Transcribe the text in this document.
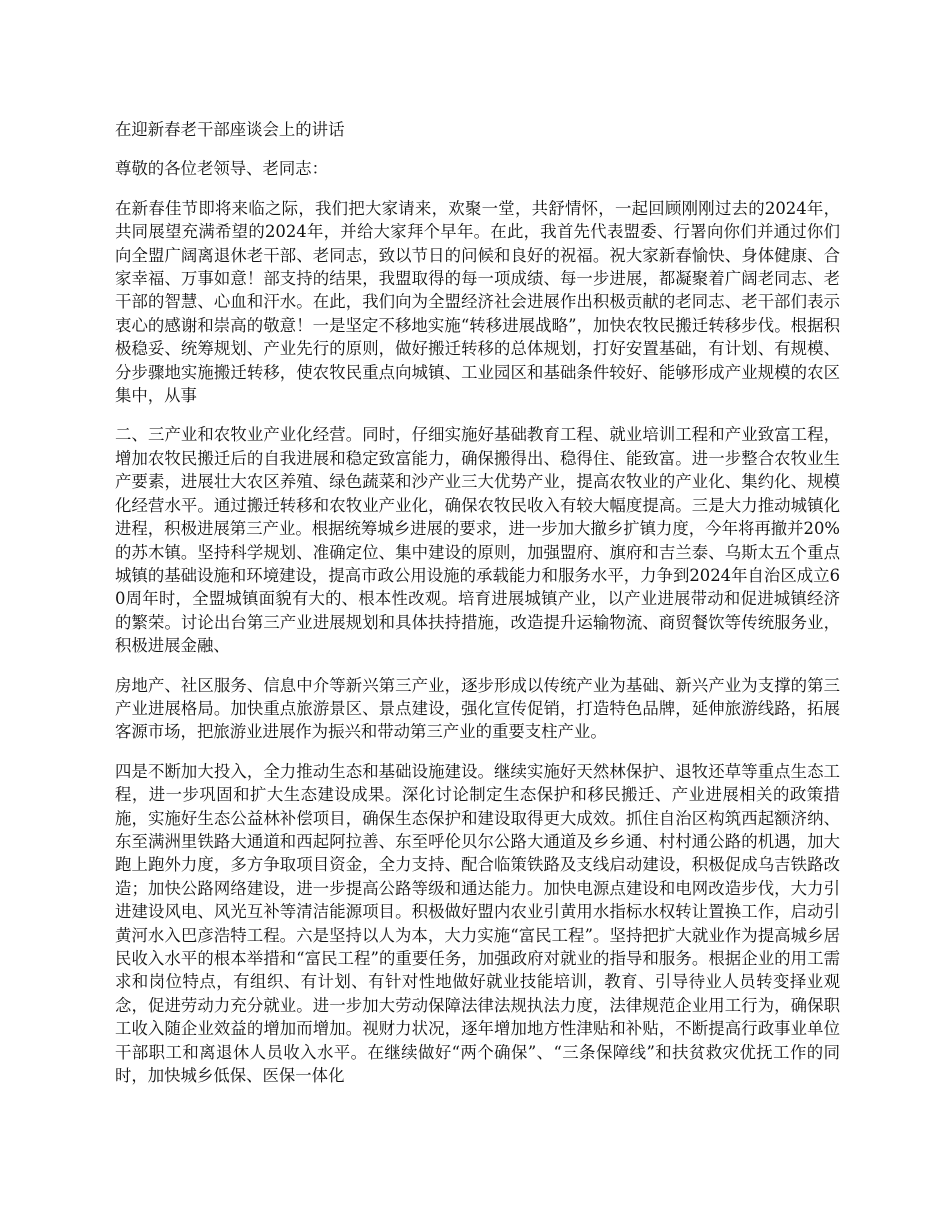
在迎新春老干部座谈会上的讲话
尊敬的各位老领导、老同志：
在新春佳节即将来临之际，我们把大家请来，欢聚一堂，共舒情怀，一起回顾刚刚过去的2024年，共同展望充满希望的2024年，并给大家拜个早年。在此，我首先代表盟委、行署向你们并通过你们向全盟广阔离退休老干部、老同志，致以节日的问候和良好的祝福。祝大家新春愉快、身体健康、合家幸福、万事如意！部支持的结果，我盟取得的每一项成绩、每一步进展，都凝聚着广阔老同志、老干部的智慧、心血和汗水。在此，我们向为全盟经济社会进展作出积极贡献的老同志、老干部们表示衷心的感谢和崇高的敬意！一是坚定不移地实施“转移进展战略”，加快农牧民搬迁转移步伐。根据积极稳妥、统筹规划、产业先行的原则，做好搬迁转移的总体规划，打好安置基础，有计划、有规模、分步骤地实施搬迁转移，使农牧民重点向城镇、工业园区和基础条件较好、能够形成产业规模的农区集中，从事
二、三产业和农牧业产业化经营。同时，仔细实施好基础教育工程、就业培训工程和产业致富工程，增加农牧民搬迁后的自我进展和稳定致富能力，确保搬得出、稳得住、能致富。进一步整合农牧业生产要素，进展壮大农区养殖、绿色蔬菜和沙产业三大优势产业，提高农牧业的产业化、集约化、规模化经营水平。通过搬迁转移和农牧业产业化，确保农牧民收入有较大幅度提高。三是大力推动城镇化进程，积极进展第三产业。根据统筹城乡进展的要求，进一步加大撤乡扩镇力度，今年将再撤并20%的苏木镇。坚持科学规划、准确定位、集中建设的原则，加强盟府、旗府和吉兰泰、乌斯太五个重点城镇的基础设施和环境建设，提高市政公用设施的承载能力和服务水平，力争到2024年自治区成立60周年时，全盟城镇面貌有大的、根本性改观。培育进展城镇产业，以产业进展带动和促进城镇经济的繁荣。讨论出台第三产业进展规划和具体扶持措施，改造提升运输物流、商贸餐饮等传统服务业，积极进展金融、
房地产、社区服务、信息中介等新兴第三产业，逐步形成以传统产业为基础、新兴产业为支撑的第三产业进展格局。加快重点旅游景区、景点建设，强化宣传促销，打造特色品牌，延伸旅游线路，拓展客源市场，把旅游业进展作为振兴和带动第三产业的重要支柱产业。
四是不断加大投入，全力推动生态和基础设施建设。继续实施好天然林保护、退牧还草等重点生态工程，进一步巩固和扩大生态建设成果。深化讨论制定生态保护和移民搬迁、产业进展相关的政策措施，实施好生态公益林补偿项目，确保生态保护和建设取得更大成效。抓住自治区构筑西起额济纳、东至满洲里铁路大通道和西起阿拉善、东至呼伦贝尔公路大通道及乡乡通、村村通公路的机遇，加大跑上跑外力度，多方争取项目资金，全力支持、配合临策铁路及支线启动建设，积极促成乌吉铁路改造；加快公路网络建设，进一步提高公路等级和通达能力。加快电源点建设和电网改造步伐，大力引进建设风电、风光互补等清洁能源项目。积极做好盟内农业引黄用水指标水权转让置换工作，启动引黄河水入巴彦浩特工程。六是坚持以人为本，大力实施“富民工程”。坚持把扩大就业作为提高城乡居民收入水平的根本举措和“富民工程”的重要任务，加强政府对就业的指导和服务。根据企业的用工需求和岗位特点，有组织、有计划、有针对性地做好就业技能培训，教育、引导待业人员转变择业观念，促进劳动力充分就业。进一步加大劳动保障法律法规执法力度，法律规范企业用工行为，确保职工收入随企业效益的增加而增加。视财力状况，逐年增加地方性津贴和补贴，不断提高行政事业单位干部职工和离退休人员收入水平。在继续做好“两个确保”、“三条保障线”和扶贫救灾优抚工作的同时，加快城乡低保、医保一体化
